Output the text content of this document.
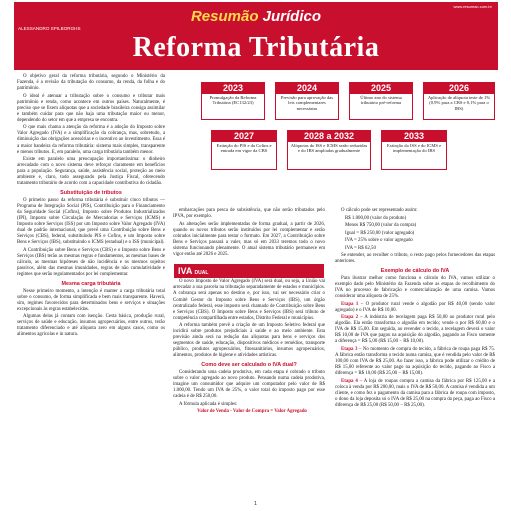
www.resumao.com.br
Resumão Jurídico
ALESSANDRO SPILBORGHS
Reforma Tributária

O objetivo geral da reforma tributária, segundo o Ministério da Fazenda, é a revisão da tributação do consumo, da renda, da folha e do patrimônio.

O ideal é atenuar a tributação sobre o consumo e tributar mais patrimônio e renda, como acontece em outros países. Naturalmente, é preciso que se fixem alíquotas que a sociedade brasileira consiga assimilar e também cuidar para que não haja uma tributação maior ou menor, dependendo do setor em que a empresa se encontra.

O que mais chama a atenção da reforma é a adoção do Imposto sobre Valor Agregado (IVA) e a simplificação da cobrança, mas, sobretudo, a diminuição das obrigações acessórias e o incentivo ao investimento. Essa é a maior bandeira da reforma tributária: sistema mais simples, transparente e menos tributos. E, em paralelo, uma carga tributária também menor.

Existe em paralelo uma preocupação importantíssima: o dinheiro arrecadado com o novo sistema deve reforçar claramente em benefícios para a população. Segurança, saúde, assistência social, proteção ao meio ambiente e, claro, todo assegurado pela Justiça Fiscal, oferecendo tratamento tributário de acordo com a capacidade contributiva do cidadão.

Substituição de tributos

O primeiro passo da reforma tributária é substituir cinco tributos — Programa de Integração Social (PIS), Contribuição para o Financiamento da Seguridade Social (Cofins), Imposto sobre Produtos Industrializados (IPI), Imposto sobre Circulação de Mercadorias e Serviços (ICMS) e Imposto sobre Serviços (ISS) por um Imposto sobre Valor Agregado (IVA) dual de padrão internacional, que prevê uma Contribuição sobre Bens e Serviços (CBS), federal, substituindo PIS e Cofins, e um Imposto sobre Bens e Serviços (IBS), substituindo o ICMS (estadual) e o ISS (municipal).

A Contribuição sobre Bens e Serviços (CBS) e o Imposto sobre Bens e Serviços (IBS) terão as mesmas regras e fundamentos, as mesmas bases de cálculo, as mesmas hipóteses de não incidência e os mesmos sujeitos passivos, além das mesmas imunidades, regras de não cumulatividade e regimes que serão regulamentados por lei complementar.

Mesma carga tributária

Nesse primeiro momento, a intenção é manter a carga tributária total sobre o consumo, de forma simplificada e bem mais transparente. Haverá, sim, regimes favorecidos para determinados bens e serviços e situações excepcionais às regras estabelecidas.

Algumas delas já contam com isenção. Cesta básica, produção rural, serviços de saúde e educação, insumos agropecuários, entre outros, terão tratamento diferenciado e até alíquota zero em alguns casos, como os alimentos agrícolas e in natura.

2023
Promulgação da Reforma Tributária (EC132/23)
2024
Previsão para aprovação das leis complementares necessárias
2025
Último ano do sistema tributário pré-reforma
2026
Aplicação de alíquota teste de 1% (0,9% para a CBS e 0,1% para o IBS)
2027
Extinção do PIS e da Cofins e entrada em vigor da CBS
2028 a 2032
Alíquotas do ISS e ICMS serão reduzidas e do IBS ampliadas gradualmente
2033
Extinção do ISS e do ICMS e implementação do IBS

embarcações para pesca de subsistência, que não serão tributados pelo IPVA, por exemplo.

As alterações serão implementadas de forma gradual, a partir de 2026, quando os novos tributos serão instituídos por lei complementar e serão cobrados inicialmente para testar o formato. Em 2027, a Contribuição sobre Bens e Serviços passará a valer, mas só em 2033 teremos todo o novo sistema funcionando plenamente. O atual sistema tributário permanece em vigor então até 2026 e 2025.

O novo Imposto de Valor Agregado (IVA) será dual, ou seja, a União vai arrecadar a sua parcela na tributação separadamente de estados e municípios. A cobrança será apenas no destino e, por isso, vai ser necessário criar o Comitê Gestor do Imposto sobre Bens e Serviços (IBS), um órgão centralizado federal, esse imposto será chamado de Contribuição sobre Bens e Serviços (CBS). O Imposto sobre Bens e Serviços (IBS) será tributo de competência compartilhada entre estados, Distrito Federal e municípios.

A reforma também prevê a criação de um Imposto Seletivo federal que incidirá sobre produtos prejudiciais à saúde e ao meio ambiente. Esta previsão ainda será na redução das alíquotas para bens e serviços dos segmentos de saúde, educação, dispositivos médicos e remédios, transporte público, produtos agropecuários, fitossanitários, insumos agropecuários, alimentos, produtos de higiene e atividades artísticas.

Como deve ser calculado o IVA dual?

Considerando uma cadeia produtiva, em cada etapa é cobrado o tributo sobre o valor agregado ao novo produto. Pensando numa cadeia produtiva, imagine um consumidor que adquire um computador pelo valor de R$ 1.000,00. Tendo um IVA de 25%, o valor total do imposto pago por esse cadeia é de R$ 250,00.

A fórmula aplicada é simples:

Valor de Venda - Valor de Compra = Valor Agregado

IVA DUAL

O cálculo pode ser representado assim:

R$ 1.000,00 (valor do produto)

Menos R$ 750,00 (valor da compra)

Igual = R$ 250,00 (valor agregado)

IVA = 25% sobre o valor agregado

IVA = R$ 62,50

Se entender, ao recolher o tributo, o resto pago pelos fornecedores das etapas anteriores.

Exemplo de cálculo do IVA

Para ilustrar melhor como funciona o cálculo do IVA, vamos utilizar o exemplo dado pelo Ministério da Fazenda sobre as etapas do recolhimento do IVA no processo de fabricação e comercialização de uma camisa. Vamos considerar uma alíquota de 25%.

Etapa 1 – O produtor rural vende o algodão por R$ 40,00 (sendo valor agregado) e o IVA de R$ 10,00.

Etapa 2 – A indústria de tecelagem paga R$ 50,00 ao produtor rural pelo algodão. Ela então transforma o algodão em tecido; vende o por R$ 60,00 e o IVA de R$ 15,00. Em seguida, ao revender o tecido, a tecelagem deverá o valor R$ 10,00 de IVA que pagou na aquisição do algodão, pagando ao Fisco somente a diferença = R$ 5,00 (R$ 15,00 − R$ 10,00).

Etapa 3 – No momento de compra do tecido, a fábrica de roupa paga R$ 75. A fábrica então transforma o tecido numa camisa, que é vendida pelo valor de R$ 100,00 com IVA de R$ 25,00. Ao fazer isso, a fábrica pode utilizar o crédito de R$ 15,00 referente ao valor pago na aquisição do tecido, pagando ao Fisco a diferença = R$ 10,00 (R$ 25,00 − R$ 15,00).

Etapa 4 – A loja de roupas compra a camisa da fábrica por R$ 125,00 e a coloca à venda por R$ 200,00, mais o IVA de R$ 50,00. A camisa é vendida a um cliente, e como fez o pagamento da camisa para a fábrica de roupa com imposto, o dono da loja deposita só o IVA de R$ 25,00 na compra da peça, paga ao Fisco a diferença de R$ 25,00 (R$ 50,00 − R$ 25,00).

1
